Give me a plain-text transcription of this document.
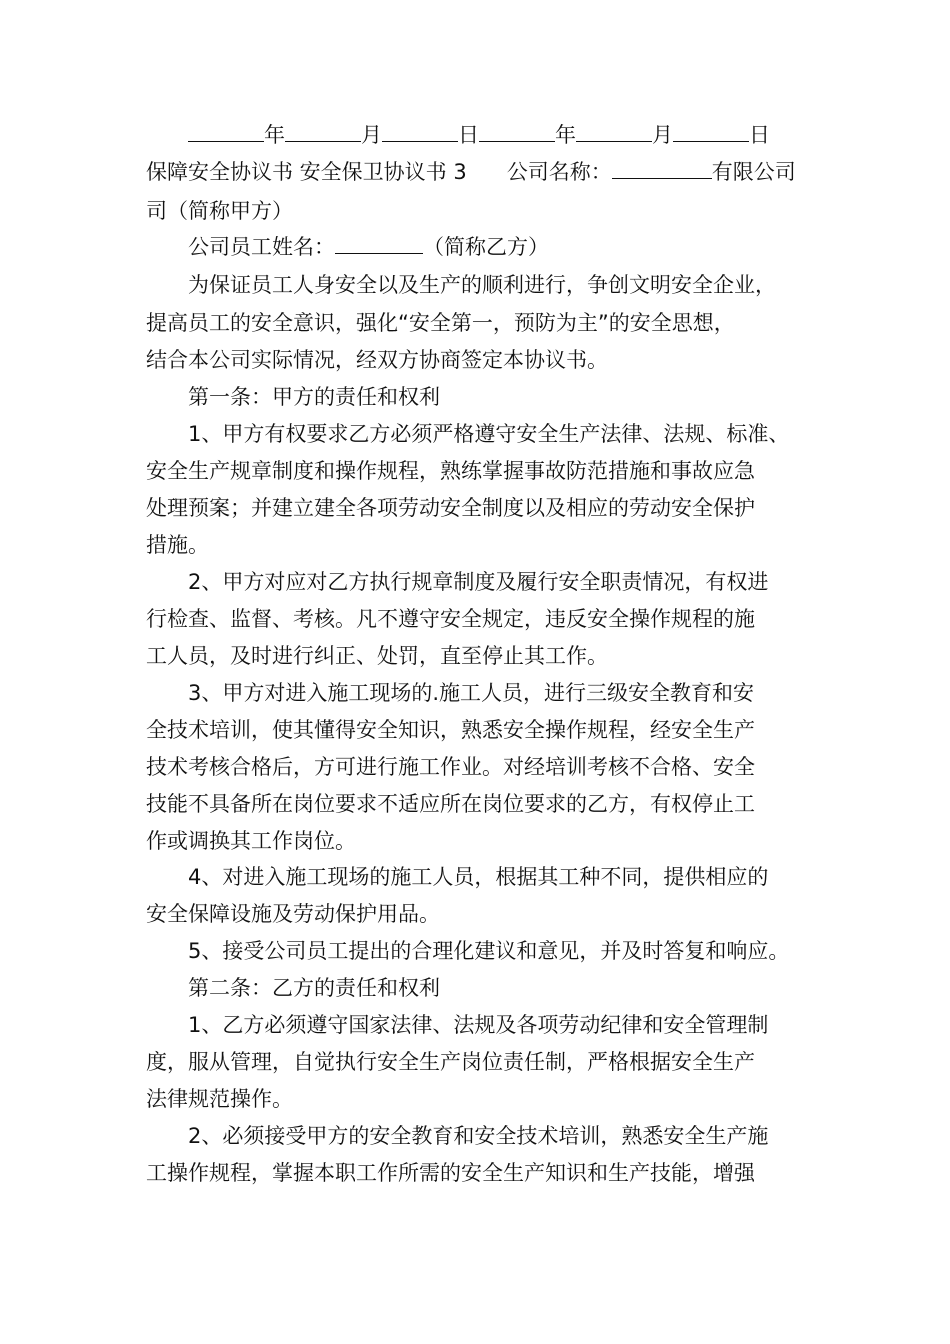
年	月	日	年	月	日
保障安全协议书 安全保卫协议书 3 公司名称：	有限公司
司（简称甲方）
公司员工姓名：	（简称乙方）
为保证员工人身安全以及生产的顺利进行，争创文明安全企业，
提高员工的安全意识，强化“安全第一，预防为主”的安全思想，
结合本公司实际情况，经双方协商签定本协议书。
第一条：甲方的责任和权利
1、甲方有权要求乙方必须严格遵守安全生产法律、法规、标准、
安全生产规章制度和操作规程，熟练掌握事故防范措施和事故应急
处理预案；并建立建全各项劳动安全制度以及相应的劳动安全保护
措施。
2、甲方对应对乙方执行规章制度及履行安全职责情况，有权进
行检查、监督、考核。凡不遵守安全规定，违反安全操作规程的施
工人员，及时进行纠正、处罚，直至停止其工作。
3、甲方对进入施工现场的.施工人员，进行三级安全教育和安
全技术培训，使其懂得安全知识，熟悉安全操作规程，经安全生产
技术考核合格后，方可进行施工作业。对经培训考核不合格、安全
技能不具备所在岗位要求不适应所在岗位要求的乙方，有权停止工
作或调换其工作岗位。
4、对进入施工现场的施工人员，根据其工种不同，提供相应的
安全保障设施及劳动保护用品。
5、接受公司员工提出的合理化建议和意见，并及时答复和响应。
第二条：乙方的责任和权利
1、乙方必须遵守国家法律、法规及各项劳动纪律和安全管理制
度，服从管理，自觉执行安全生产岗位责任制，严格根据安全生产
法律规范操作。
2、必须接受甲方的安全教育和安全技术培训，熟悉安全生产施
工操作规程，掌握本职工作所需的安全生产知识和生产技能，增强
